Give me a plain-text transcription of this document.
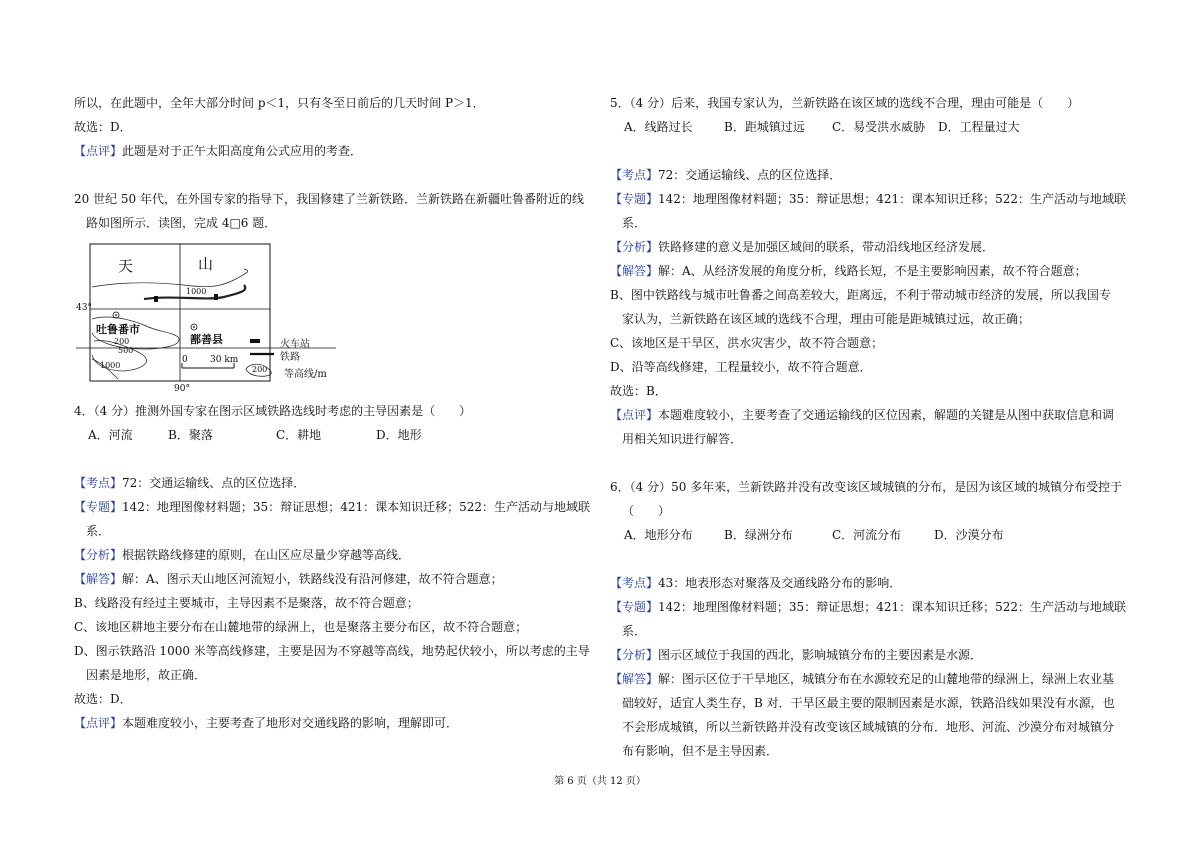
所以，在此题中，全年大部分时间 p＜1，只有冬至日前后的几天时间 P＞1．

故选：D．

【点评】此题是对于正午太阳高度角公式应用的考查．

20 世纪 50 年代，在外国专家的指导下，我国修建了兰新铁路．兰新铁路在新疆吐鲁番附近的线

路如图所示．读图，完成 4□6 题．

天	山
43°
90°
1000
200
500
1000
吐鲁番市
鄯善县
0 30 km
火车站
铁路
200 等高线/m

4．（4 分）推测外国专家在图示区域铁路选线时考虑的主导因素是（　　）

A．河流	B．聚落	C．耕地	D．地形

【考点】72：交通运输线、点的区位选择．

【专题】142：地理图像材料题；35：辩证思想；421：课本知识迁移；522：生产活动与地域联

系．

【分析】根据铁路线修建的原则，在山区应尽量少穿越等高线．

【解答】解：A、图示天山地区河流短小，铁路线没有沿河修建，故不符合题意；

B、线路没有经过主要城市，主导因素不是聚落，故不符合题意；

C、该地区耕地主要分布在山麓地带的绿洲上，也是聚落主要分布区，故不符合题意；

D、图示铁路沿 1000 米等高线修建，主要是因为不穿越等高线，地势起伏较小，所以考虑的主导

因素是地形，故正确．

故选：D．

【点评】本题难度较小，主要考查了地形对交通线路的影响，理解即可．

5．（4 分）后来，我国专家认为，兰新铁路在该区域的选线不合理，理由可能是（　　）

A．线路过长	B．距城镇过远 C．易受洪水威胁 D．工程量过大

【考点】72：交通运输线、点的区位选择．

【专题】142：地理图像材料题；35：辩证思想；421：课本知识迁移；522：生产活动与地域联

系．

【分析】铁路修建的意义是加强区域间的联系，带动沿线地区经济发展．

【解答】解：A、从经济发展的角度分析，线路长短，不是主要影响因素，故不符合题意；

B、图中铁路线与城市吐鲁番之间高差较大，距离远，不利于带动城市经济的发展，所以我国专

家认为，兰新铁路在该区域的选线不合理，理由可能是距城镇过远，故正确；

C、该地区是干旱区，洪水灾害少，故不符合题意；

D、沿等高线修建，工程量较小，故不符合题意．

故选：B．

【点评】本题难度较小，主要考查了交通运输线的区位因素，解题的关键是从图中获取信息和调

用相关知识进行解答．

6．（4 分）50 多年来，兰新铁路并没有改变该区域城镇的分布，是因为该区域的城镇分布受控于

（　　）

A．地形分布	B．绿洲分布	C．河流分布	D．沙漠分布

【考点】43：地表形态对聚落及交通线路分布的影响．

【专题】142：地理图像材料题；35：辩证思想；421：课本知识迁移；522：生产活动与地域联

系．

【分析】图示区域位于我国的西北，影响城镇分布的主要因素是水源．

【解答】解：图示区位于干旱地区，城镇分布在水源较充足的山麓地带的绿洲上，绿洲上农业基

础较好，适宜人类生存，B 对．干旱区最主要的限制因素是水源，铁路沿线如果没有水源，也

不会形成城镇，所以兰新铁路并没有改变该区域城镇的分布．地形、河流、沙漠分布对城镇分

布有影响，但不是主导因素．

第 6 页（共 12 页）
